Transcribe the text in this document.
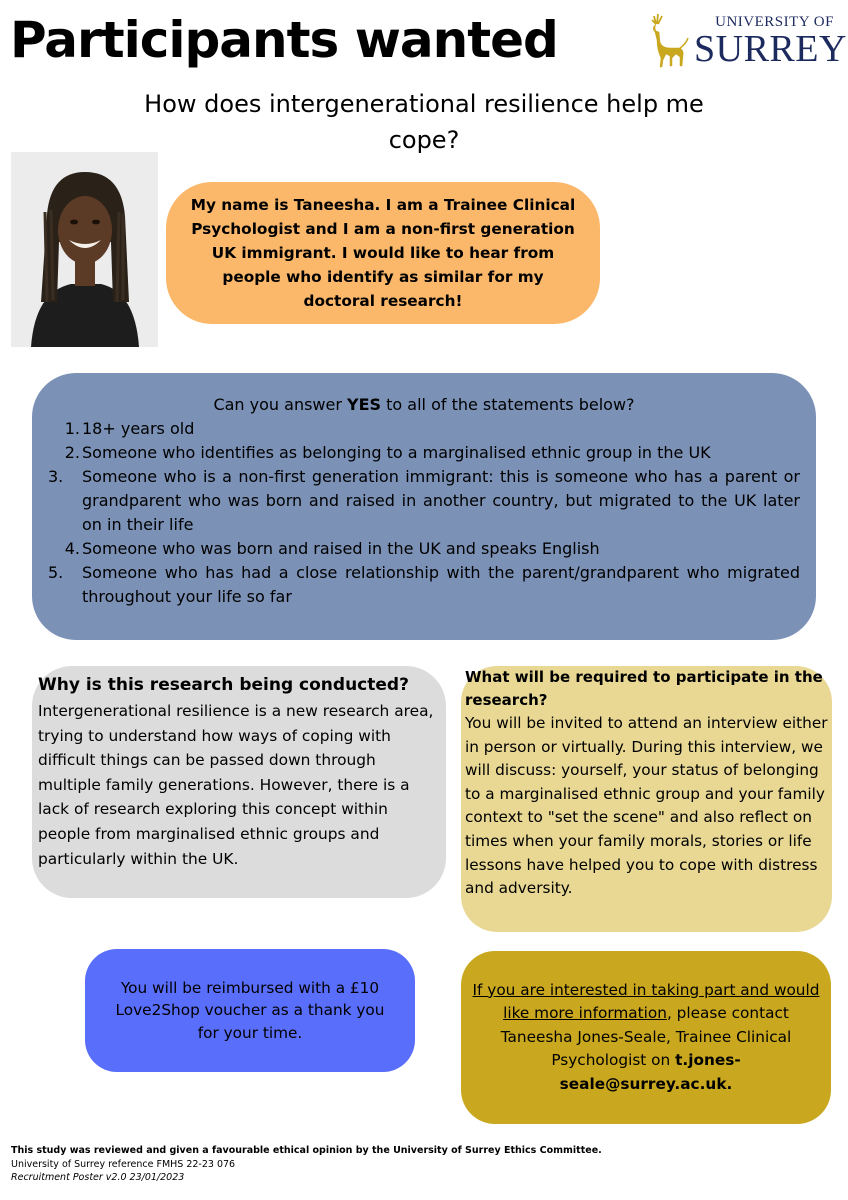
Participants wanted	UNIVERSITY OF
SURREY
How does intergenerational resilience help me cope?
My name is Taneesha. I am a Trainee Clinical Psychologist and I am a non-first generation UK immigrant. I would like to hear from people who identify as similar for my doctoral research!

Can you answer YES to all of the statements below?

1. 18+ years old
2. Someone who identifies as belonging to a marginalised ethnic group in the UK
3.	Someone who is a non-first generation immigrant: this is someone who has a parent or grandparent who was born and raised in another country, but migrated to the UK later on in their life
4. Someone who was born and raised in the UK and speaks English
5.	Someone who has had a close relationship with the parent/grandparent who migrated throughout your life so far
Why is this research being conducted?

Intergenerational resilience is a new research area, trying to understand how ways of coping with difficult things can be passed down through multiple family generations. However, there is a lack of research exploring this concept within people from marginalised ethnic groups and particularly within the UK.

What will be required to participate in the research?

You will be invited to attend an interview either in person or virtually. During this interview, we will discuss: yourself, your status of belonging to a marginalised ethnic group and your family context to "set the scene" and also reflect on times when your family morals, stories or life lessons have helped you to cope with distress and adversity.

You will be reimbursed with a £10 Love2Shop voucher as a thank you for your time.
If you are interested in taking part and would like more information, please contact Taneesha Jones-Seale, Trainee Clinical Psychologist on t.jones-seale@surrey.ac.uk.
This study was reviewed and given a favourable ethical opinion by the University of Surrey Ethics Committee.
University of Surrey reference FMHS 22-23 076
Recruitment Poster v2.0 23/01/2023
